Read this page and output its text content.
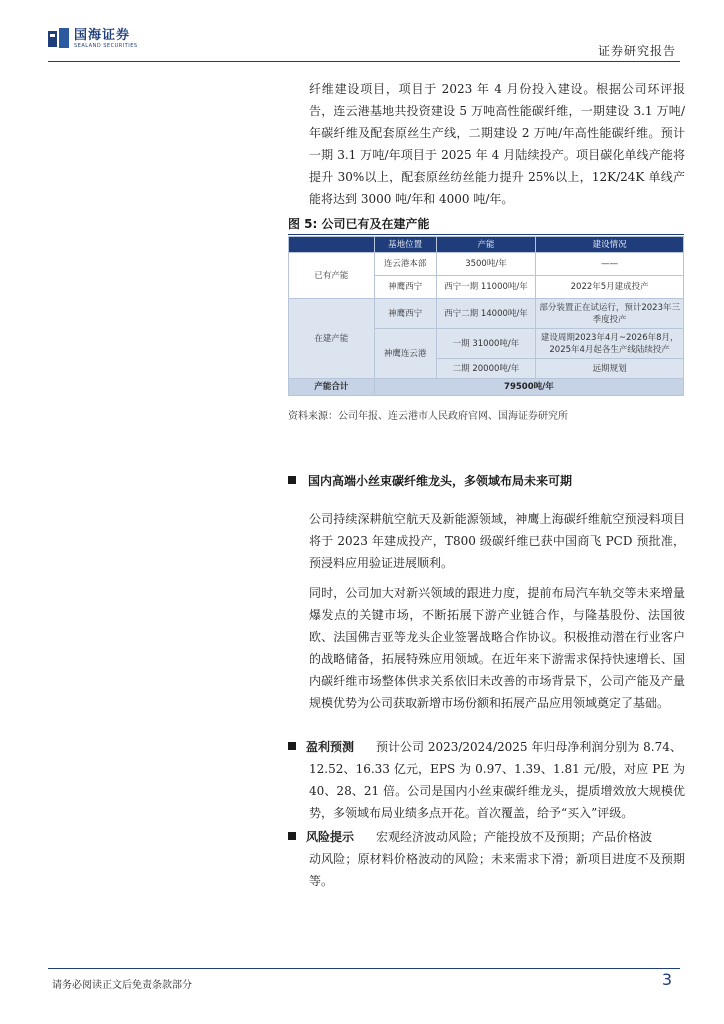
国海证券
SEALAND SECURITIES	证券研究报告

纤维建设项目，项目于 2023 年 4 月份投入建设。根据公司环评报告，连云港基地共投资建设 5 万吨高性能碳纤维，一期建设 3.1 万吨/年碳纤维及配套原丝生产线，二期建设 2 万吨/年高性能碳纤维。预计一期 3.1 万吨/年项目于 2025 年 4 月陆续投产。项目碳化单线产能将提升 30%以上，配套原丝纺丝能力提升 25%以上，12K/24K 单线产能将达到 3000 吨/年和 4000 吨/年。

图 5: 公司已有及在建产能
	基地位置	产能	建设情况
已有产能	连云港本部	3500吨/年	——
	神鹰西宁	西宁一期 11000吨/年	2022年5月建成投产
在建产能	神鹰西宁	西宁二期 14000吨/年	部分装置正在试运行，预计2023年三季度投产
	神鹰连云港	一期 31000吨/年	建设周期2023年4月~2026年8月，2025年4月起各生产线陆续投产
		二期 20000吨/年	远期规划
产能合计	79500吨/年		
资料来源：公司年报、连云港市人民政府官网、国海证券研究所
国内高端小丝束碳纤维龙头，多领域布局未来可期

公司持续深耕航空航天及新能源领域，神鹰上海碳纤维航空预浸料项目将于 2023 年建成投产，T800 级碳纤维已获中国商飞 PCD 预批准，预浸料应用验证进展顺利。

同时，公司加大对新兴领域的跟进力度，提前布局汽车轨交等未来增量爆发点的关键市场，不断拓展下游产业链合作，与隆基股份、法国彼欧、法国佛吉亚等龙头企业签署战略合作协议。积极推动潜在行业客户的战略储备，拓展特殊应用领域。在近年来下游需求保持快速增长、国内碳纤维市场整体供求关系依旧未改善的市场背景下，公司产能及产量规模优势为公司获取新增市场份额和拓展产品应用领域奠定了基础。

盈利预测 预计公司 2023/2024/2025 年归母净利润分别为 8.74、
12.52、16.33 亿元，EPS 为 0.97、1.39、1.81 元/股，对应 PE 为 40、28、21 倍。公司是国内小丝束碳纤维龙头，提质增效放大规模优势，多领域布局业绩多点开花。首次覆盖，给予“买入”评级。
风险提示 宏观经济波动风险；产能投放不及预期；产品价格波
动风险；原材料价格波动的风险；未来需求下滑；新项目进度不及预期等。
请务必阅读正文后免责条款部分	3
